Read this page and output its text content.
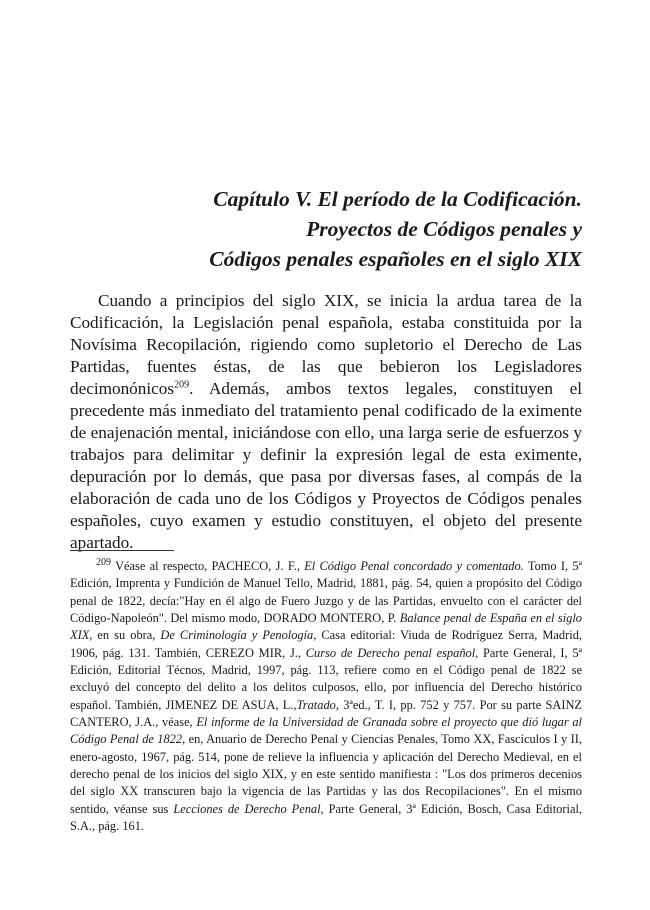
Capítulo V. El período de la Codificación.
Proyectos de Códigos penales y
Códigos penales españoles en el siglo XIX

Cuando a principios del siglo XIX, se inicia la ardua tarea de la Codificación, la Legislación penal española, estaba constituida por la Novísima Recopilación, rigiendo como supletorio el Derecho de Las Partidas, fuentes éstas, de las que bebieron los Legisladores decimonónicos$^{209}$. Además, ambos textos legales, constituyen el precedente más inmediato del tratamiento penal codificado de la eximente de enajenación mental, iniciándose con ello, una larga serie de esfuerzos y trabajos para delimitar y definir la expresión legal de esta eximente, depuración por lo demás, que pasa por diversas fases, al compás de la elaboración de cada uno de los Códigos y Proyectos de Códigos penales españoles, cuyo examen y estudio constituyen, el objeto del presente apartado.

$^{209}$ Véase al respecto, PACHECO, J. F., El Código Penal concordado y comentado. Tomo I, 5ª Edición, Imprenta y Fundición de Manuel Tello, Madrid, 1881, pág. 54, quien a propósito del Código penal de 1822, decía:"Hay en él algo de Fuero Juzgo y de las Partidas, envuelto con el carácter del Código-Napoleón". Del mismo modo, DORADO MONTERO, P. Balance penal de España en el siglo XIX, en su obra, De Criminología y Penología, Casa editorial: Viuda de Rodríguez Serra, Madrid, 1906, pág. 131. También, CEREZO MIR, J., Curso de Derecho penal español, Parte General, I, 5ª Edición, Editorial Técnos, Madrid, 1997, pág. 113, refiere como en el Código penal de 1822 se excluyó del concepto del delito a los delitos culposos, ello, por influencia del Derecho histórico español. También, JIMENEZ DE ASUA, L.,Tratado, 3ªed., T. I, pp. 752 y 757. Por su parte SAINZ CANTERO, J.A., véase, El informe de la Universidad de Granada sobre el proyecto que dió lugar al Código Penal de 1822, en, Anuario de Derecho Penal y Ciencias Penales, Tomo XX, Fascículos I y II, enero-agosto, 1967, pág. 514, pone de relieve la influencia y aplicación del Derecho Medieval, en el derecho penal de los inicios del siglo XIX, y en este sentido manifiesta : "Los dos primeros decenios del siglo XX transcuren bajo la vigencia de las Partidas y las dos Recopilaciones". En el mismo sentido, véanse sus Lecciones de Derecho Penal, Parte General, 3ª Edición, Bosch, Casa Editorial, S.A., pág. 161.
